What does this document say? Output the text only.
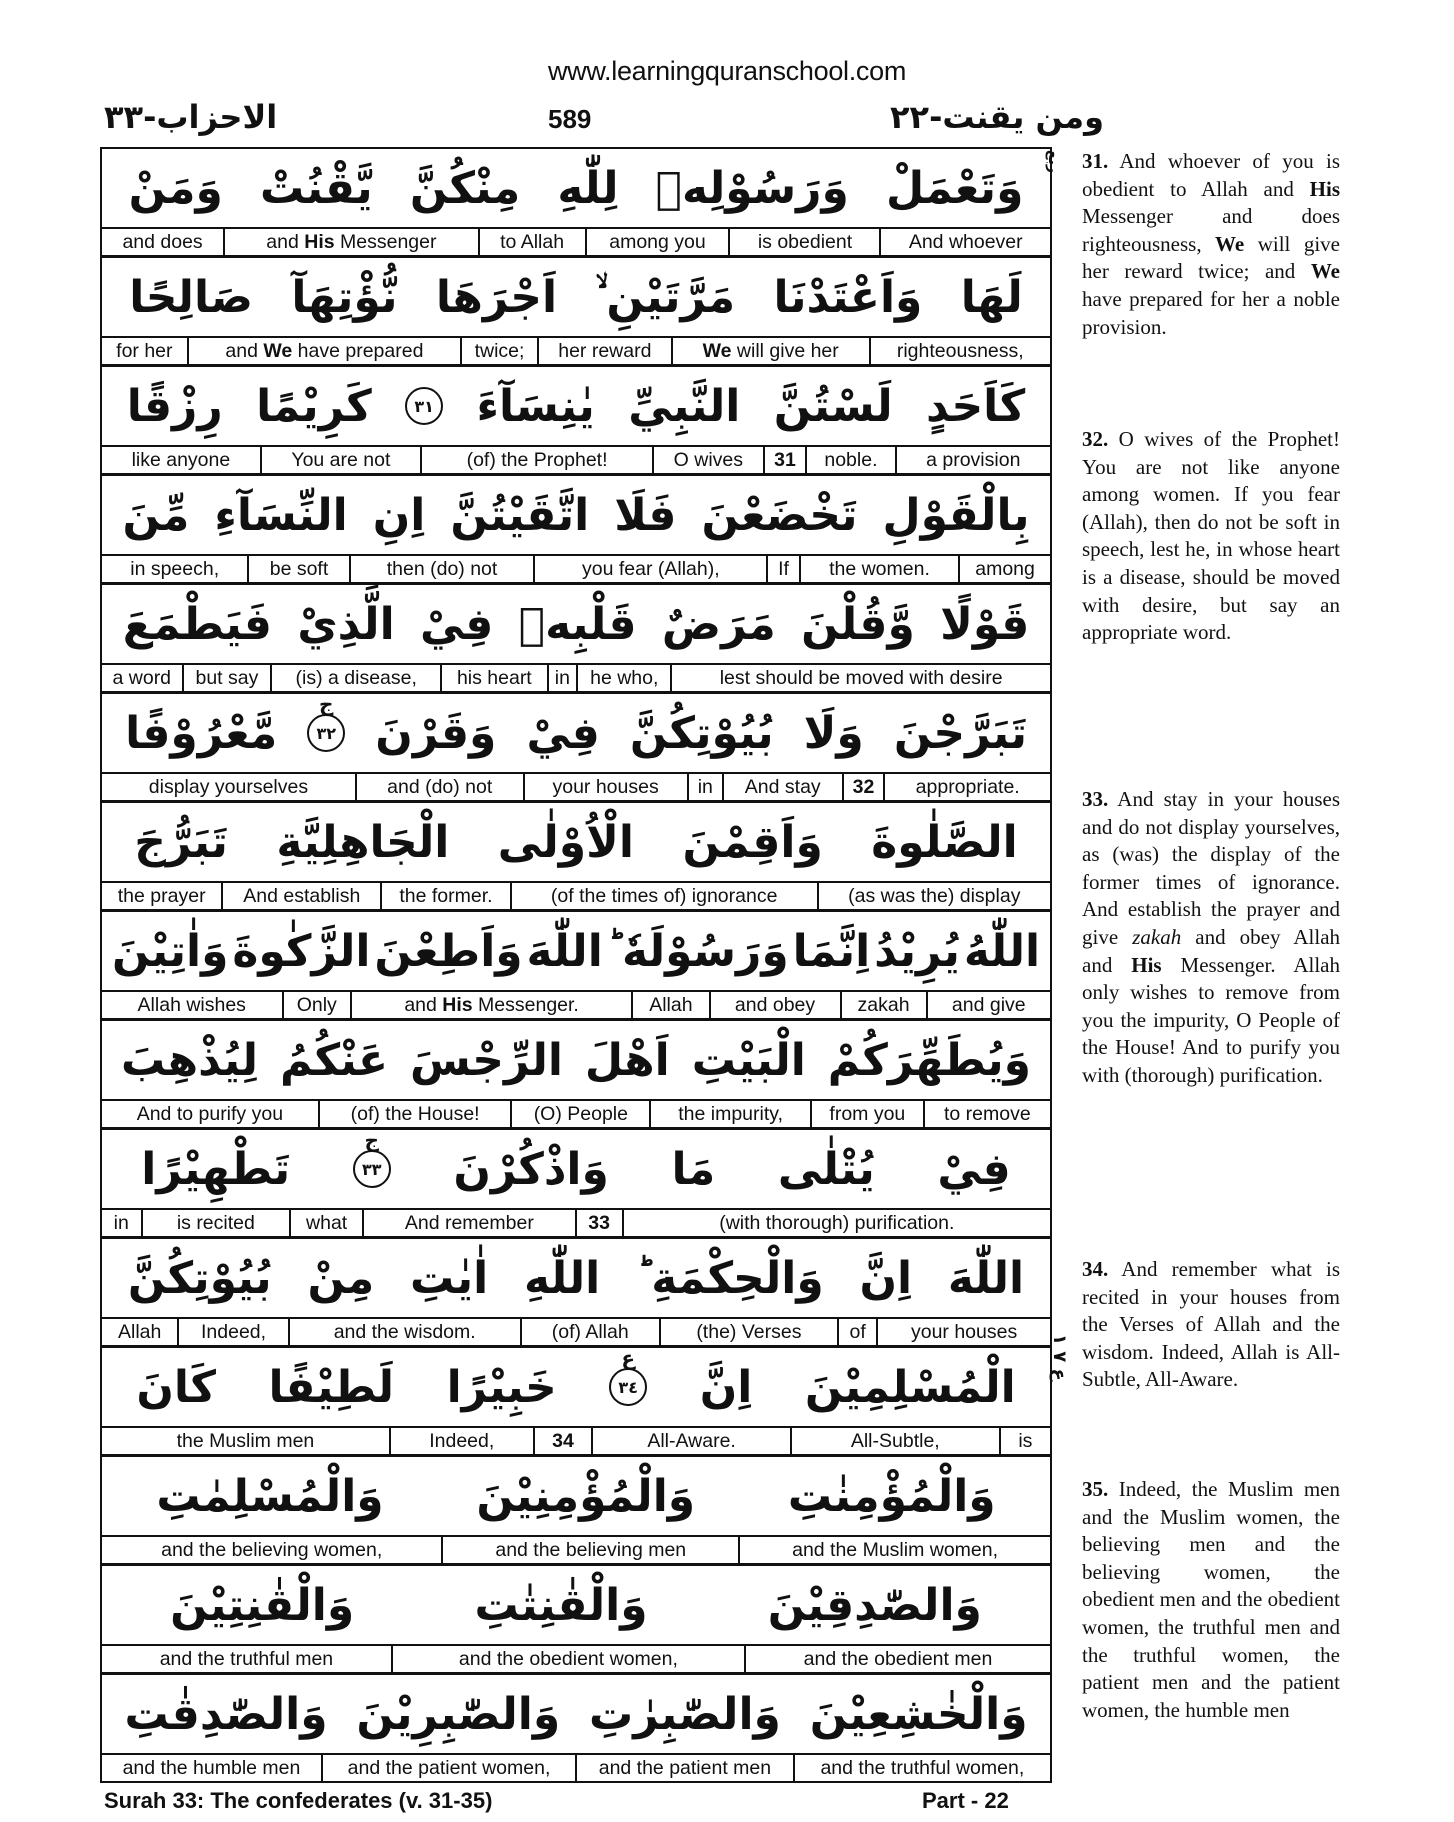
www.learningquranschool.com
الاحزاب-٣٣	589	ومن يقنت-٢٢
وَمَنْ يَّقْنُتْ مِنْكُنَّ لِلّٰهِ وَرَسُوْلِهٖ وَتَعْمَلْ
and does	and His Messenger	to Allah	among you	is obedient	And whoever
صَالِحًا نُّؤْتِهَآ اَجْرَهَا مَرَّتَيْنِ ۙ وَاَعْتَدْنَا لَهَا
for her	and We have prepared	twice;	her reward	We will give her	righteousness,
رِزْقًا كَرِيْمًا	٣١ يٰنِسَآءَ النَّبِيِّ لَسْتُنَّ كَاَحَدٍ
like anyone	You are not	(of) the Prophet!	O wives	31	noble.	a provision
مِّنَ النِّسَآءِ اِنِ اتَّقَيْتُنَّ فَلَا تَخْضَعْنَ بِالْقَوْلِ
in speech,	be soft	then (do) not	you fear (Allah),	If	the women.	among
فَيَطْمَعَ الَّذِيْ فِيْ قَلْبِهٖ مَرَضٌ وَّقُلْنَ قَوْلًا
a word	but say	(is) a disease,	his heart	in	he who,	lest should be moved with desire
مَّعْرُوْفًا ٣٢
ج
وَقَرْنَ فِيْ بُيُوْتِكُنَّ وَلَا تَبَرَّجْنَ
display yourselves	and (do) not	your houses	in	And stay	32	appropriate.
تَبَرُّجَ الْجَاهِلِيَّةِ الْاُوْلٰى وَاَقِمْنَ الصَّلٰوةَ
the prayer	And establish	the former.	(of the times of) ignorance	(as was the) display
وَاٰتِيْنَ الزَّكٰوةَ وَاَطِعْنَ اللّٰهَ وَرَسُوْلَهٗ ؕ اِنَّمَا يُرِيْدُ اللّٰهُ
Allah wishes	Only	and His Messenger.	Allah	and obey	zakah	and give
لِيُذْهِبَ عَنْكُمُ الرِّجْسَ اَهْلَ الْبَيْتِ وَيُطَهِّرَكُمْ
And to purify you	(of) the House!	(O) People	the impurity,	from you	to remove
تَطْهِيْرًا	٣٣
ج
وَاذْكُرْنَ مَا يُتْلٰى فِيْ
in	is recited	what	And remember	33	(with thorough) purification.
بُيُوْتِكُنَّ مِنْ اٰيٰتِ اللّٰهِ وَالْحِكْمَةِ ؕ اِنَّ اللّٰهَ
Allah	Indeed,	and the wisdom.	(of) Allah	(the) Verses	of	your houses
كَانَ لَطِيْفًا خَبِيْرًا	٣٤
ع
اِنَّ الْمُسْلِمِيْنَ
the Muslim men	Indeed,	34	All-Aware.	All-Subtle,	is
وَالْمُسْلِمٰتِ وَالْمُؤْمِنِيْنَ وَالْمُؤْمِنٰتِ
and the believing women,	and the believing men	and the Muslim women,
وَالْقٰنِتِيْنَ	وَالْقٰنِتٰتِ	وَالصّٰدِقِيْنَ
and the truthful men	and the obedient women,	and the obedient men
وَالصّٰدِقٰتِ وَالصّٰبِرِيْنَ وَالصّٰبِرٰتِ وَالْخٰشِعِيْنَ
and the humble men	and the patient women,	and the patient men	and the truthful women,
ربع
ع ٧ ١
31. And whoever of you is obedient to Allah and His Messenger and does righteousness, We will give her reward twice; and We have prepared for her a noble provision.
32. O wives of the Prophet! You are not like anyone among women. If you fear (Allah), then do not be soft in speech, lest he, in whose heart is a disease, should be moved with desire, but say an appropriate word.
33. And stay in your houses and do not display yourselves, as (was) the display of the former times of ignorance. And establish the prayer and give zakah and obey Allah and His Messenger. Allah only wishes to remove from you the impurity, O People of the House! And to purify you with (thorough) purification.
34. And remember what is recited in your houses from the Verses of Allah and the wisdom. Indeed, Allah is All-Subtle, All-Aware.
35. Indeed, the Muslim men and the Muslim women, the believing men and the believing women, the obedient men and the obedient women, the truthful men and the truthful women, the patient men and the patient women, the humble men
Surah 33: The confederates (v. 31-35)	Part - 22
